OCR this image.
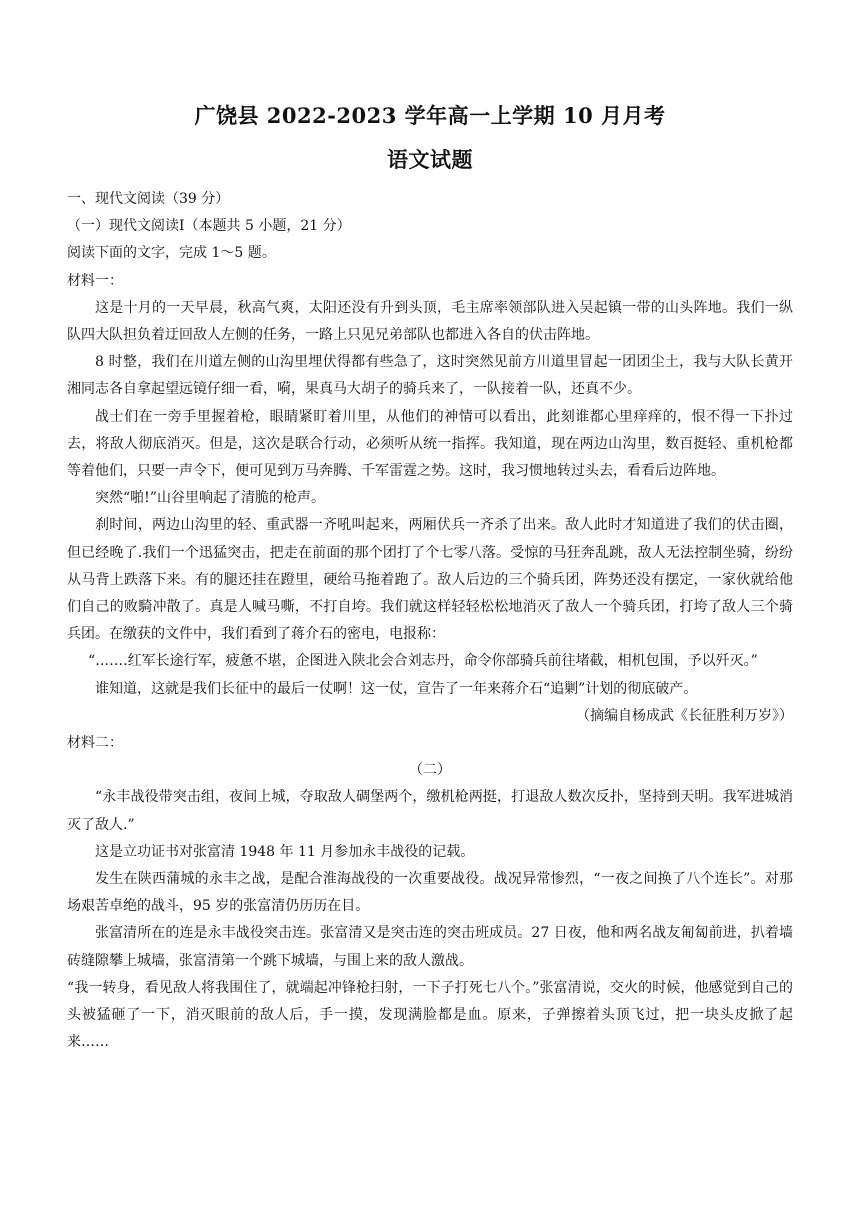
广饶县 2022-2023 学年高一上学期 10 月月考
语文试题

一、现代文阅读（39 分）

（一）现代文阅读Ⅰ（本题共 5 小题，21 分）

阅读下面的文字，完成 1～5 题。

材料一：

这是十月的一天早晨，秋高气爽，太阳还没有升到头顶，毛主席率领部队进入吴起镇一带的山头阵地。我们一纵队四大队担负着迂回敌人左侧的任务，一路上只见兄弟部队也都进入各自的伏击阵地。

8 时整，我们在川道左侧的山沟里埋伏得都有些急了，这时突然见前方川道里冒起一团团尘土，我与大队长黄开湘同志各自拿起望远镜仔细一看，嗬，果真马大胡子的骑兵来了，一队接着一队，还真不少。

战士们在一旁手里握着枪，眼睛紧盯着川里，从他们的神情可以看出，此刻谁都心里痒痒的，恨不得一下扑过去，将敌人彻底消灭。但是，这次是联合行动，必须听从统一指挥。我知道，现在两边山沟里，数百挺轻、重机枪都等着他们，只要一声令下，便可见到万马奔腾、千军雷霆之势。这时，我习惯地转过头去，看看后边阵地。

突然“啪!”山谷里响起了清脆的枪声。

刹时间，两边山沟里的轻、重武器一齐吼叫起来，两厢伏兵一齐杀了出来。敌人此时才知道进了我们的伏击圈，但已经晚了.我们一个迅猛突击，把走在前面的那个团打了个七零八落。受惊的马狂奔乱跳，敌人无法控制坐骑，纷纷从马背上跌落下来。有的腿还挂在蹬里，硬给马拖着跑了。敌人后边的三个骑兵团，阵势还没有摆定，一家伙就给他们自己的败騎冲散了。真是人喊马嘶，不打自垮。我们就这样轻轻松松地消灭了敌人一个骑兵团，打垮了敌人三个骑兵团。在缴获的文件中，我们看到了蒋介石的密电，电报称：

“…….红军长途行军，疲惫不堪，企图进入陕北会合刘志丹，命令你部骑兵前往堵截，相机包围，予以歼灭。”

谁知道，这就是我们长征中的最后一仗啊！这一仗，宣告了一年来蒋介石“追剿”计划的彻底破产。

（摘编自杨成武《长征胜利万岁》）

材料二：

（二）

“永丰战役带突击组，夜间上城，夺取敌人碉堡两个，缴机枪两挺，打退敌人数次反扑，坚持到天明。我军进城消灭了敌人.”

这是立功证书对张富清 1948 年 11 月参加永丰战役的记载。

发生在陕西蒲城的永丰之战，是配合淮海战役的一次重要战役。战况异常惨烈，“一夜之间换了八个连长”。对那场艰苦卓绝的战斗，95 岁的张富清仍历历在目。

张富清所在的连是永丰战役突击连。张富清又是突击连的突击班成员。27 日夜，他和两名战友匍匐前进，扒着墙砖缝隙攀上城墙，张富清第一个跳下城墙，与围上来的敌人激战。

“我一转身，看见敌人将我围住了，就端起冲锋枪扫射，一下子打死七八个。”张富清说，交火的时候，他感觉到自己的头被猛砸了一下，消灭眼前的敌人后，手一摸，发现满脸都是血。原来，子弹擦着头顶飞过，把一块头皮掀了起来……
